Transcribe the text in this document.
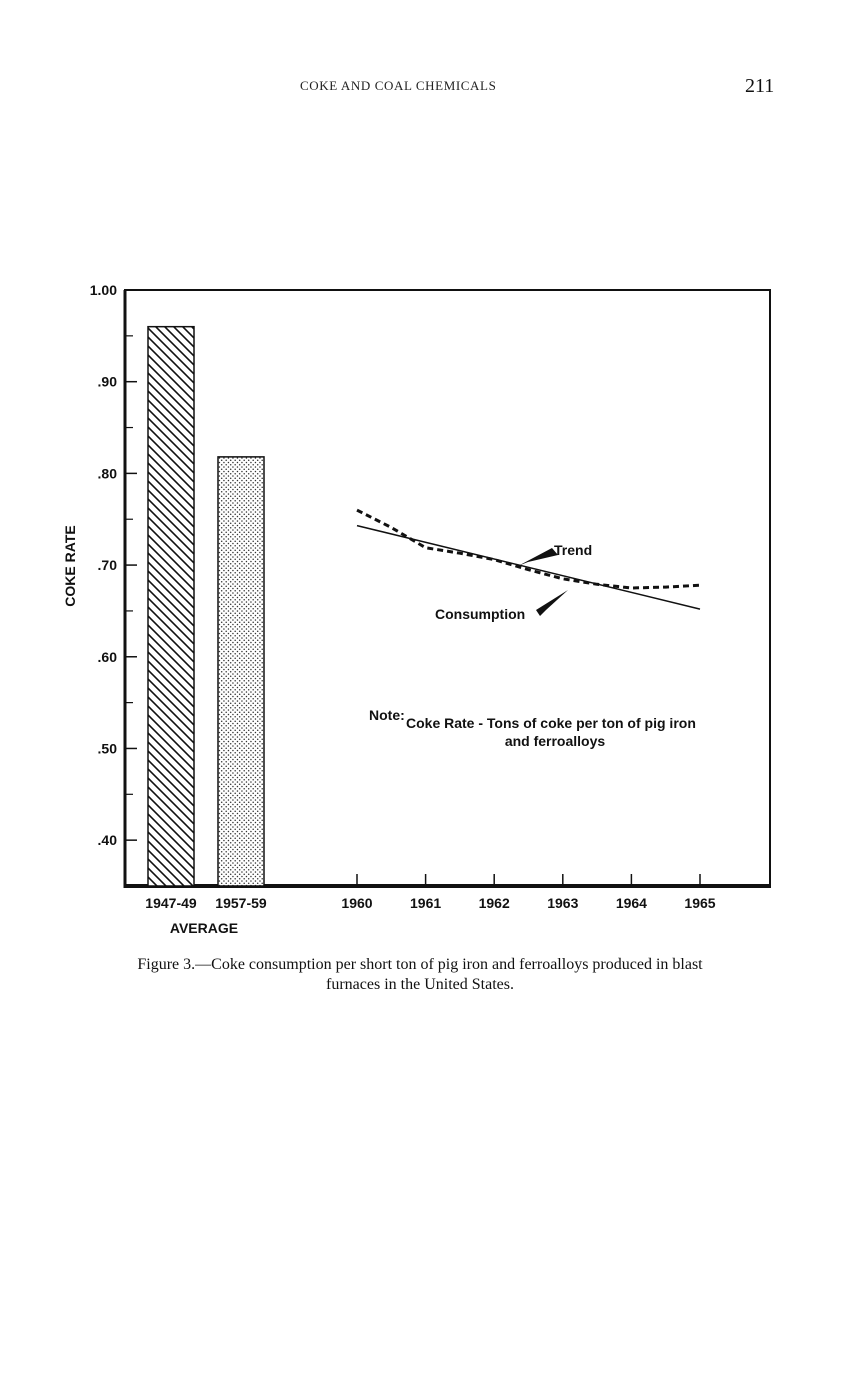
COKE AND COAL CHEMICALS	211
1.00
.90
.80
.70
.60
.50
.40
1947-49 1957-59	1960	1961	1962	1963	1964	1965
COKE RATE	Trend
Consumption
Note: Coke Rate - Tons of coke per ton of pig iron
and ferroalloys
AVERAGE
Figure 3.—Coke consumption per short ton of pig iron and ferroalloys produced in blast
furnaces in the United States.
